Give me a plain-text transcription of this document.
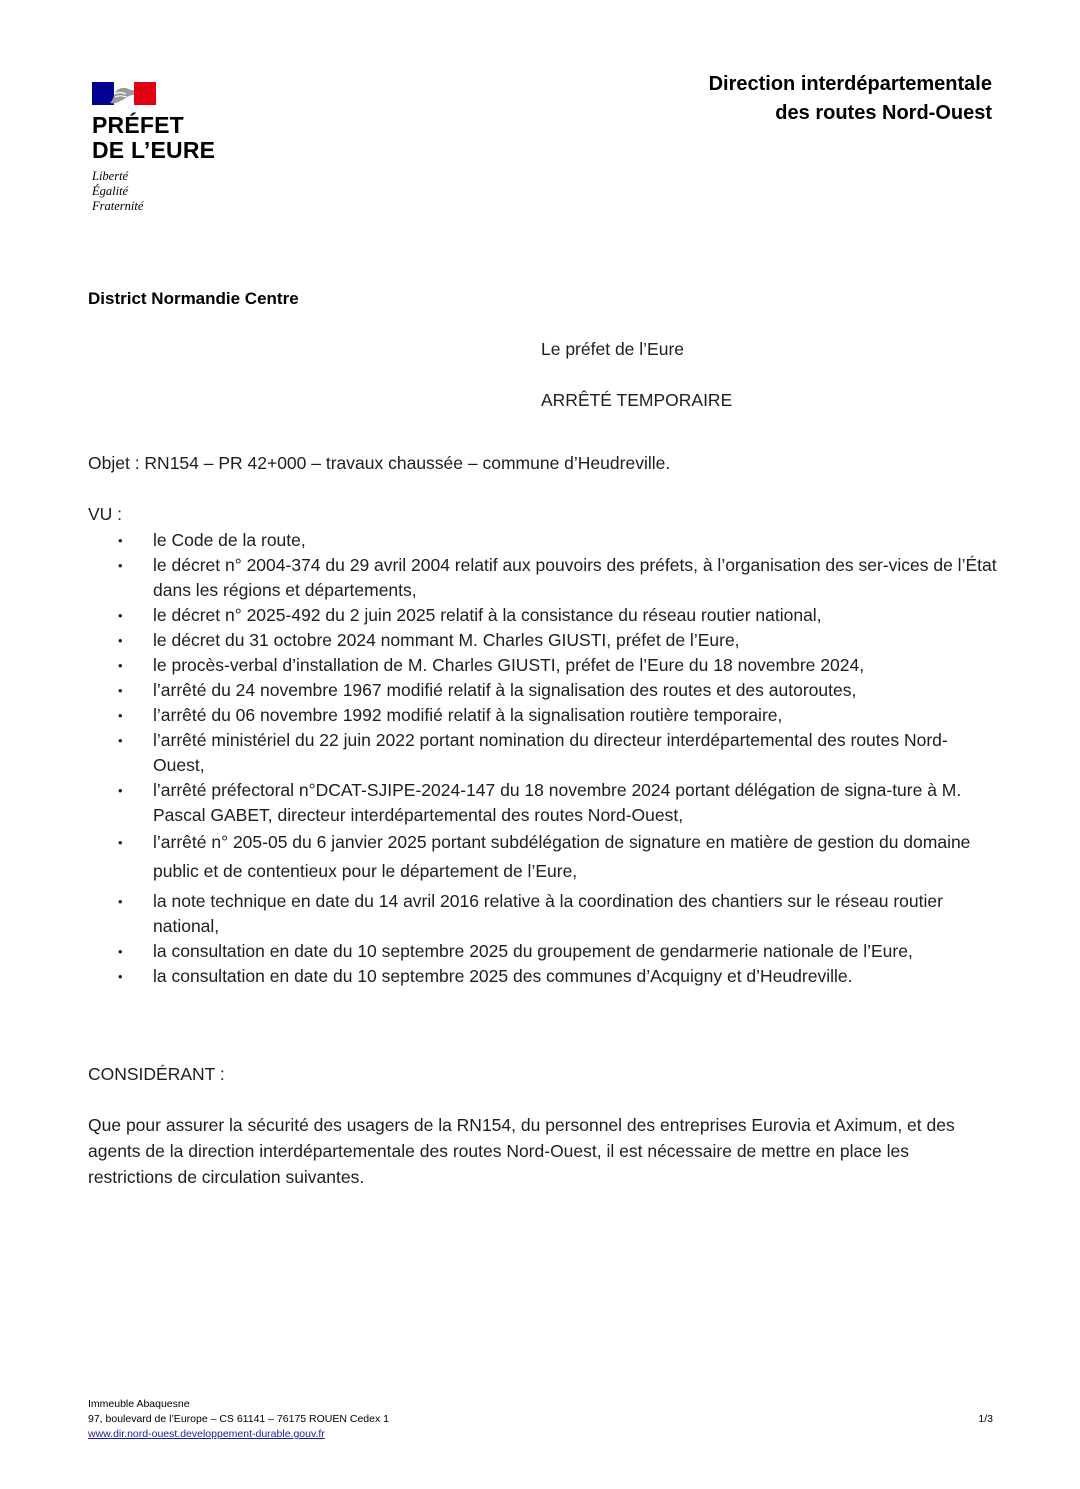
PRÉFET
DE L’EURE
Liberté
Égalité
Fraternité
Direction interdépartementale
des routes Nord-Ouest
District Normandie Centre
Le préfet de l’Eure
ARRÊTÉ TEMPORAIRE
Objet : RN154 – PR 42+000 – travaux chaussée – commune d’Heudreville.
VU :
• le Code de la route,
• le décret n° 2004-374 du 29 avril 2004 relatif aux pouvoirs des préfets, à l’organisation des ser-vices de l’État dans les régions et départements,
• le décret n° 2025-492 du 2 juin 2025 relatif à la consistance du réseau routier national,
• le décret du 31 octobre 2024 nommant M. Charles GIUSTI, préfet de l’Eure,
• le procès-verbal d’installation de M. Charles GIUSTI, préfet de l’Eure du 18 novembre 2024,
• l’arrêté du 24 novembre 1967 modifié relatif à la signalisation des routes et des autoroutes,
• l’arrêté du 06 novembre 1992 modifié relatif à la signalisation routière temporaire,
• l’arrêté ministériel du 22 juin 2022 portant nomination du directeur interdépartemental des routes Nord-Ouest,
• l’arrêté préfectoral n°DCAT-SJIPE-2024-147 du 18 novembre 2024 portant délégation de signa-ture à M. Pascal GABET, directeur interdépartemental des routes Nord-Ouest,
• l’arrêté n° 205-05 du 6 janvier 2025 portant subdélégation de signature en matière de gestion du domaine public et de contentieux pour le département de l’Eure,
• la note technique en date du 14 avril 2016 relative à la coordination des chantiers sur le réseau routier national,
• la consultation en date du 10 septembre 2025 du groupement de gendarmerie nationale de l’Eure,
• la consultation en date du 10 septembre 2025 des communes d’Acquigny et d’Heudreville.
CONSIDÉRANT :
Que pour assurer la sécurité des usagers de la RN154, du personnel des entreprises Eurovia et Aximum, et des agents de la direction interdépartementale des routes Nord-Ouest, il est nécessaire de mettre en place les restrictions de circulation suivantes.
Immeuble Abaquesne
97, boulevard de l’Europe – CS 61141 – 76175 ROUEN Cedex 1
www.dir.nord-ouest.developpement-durable.gouv.fr
1/3
